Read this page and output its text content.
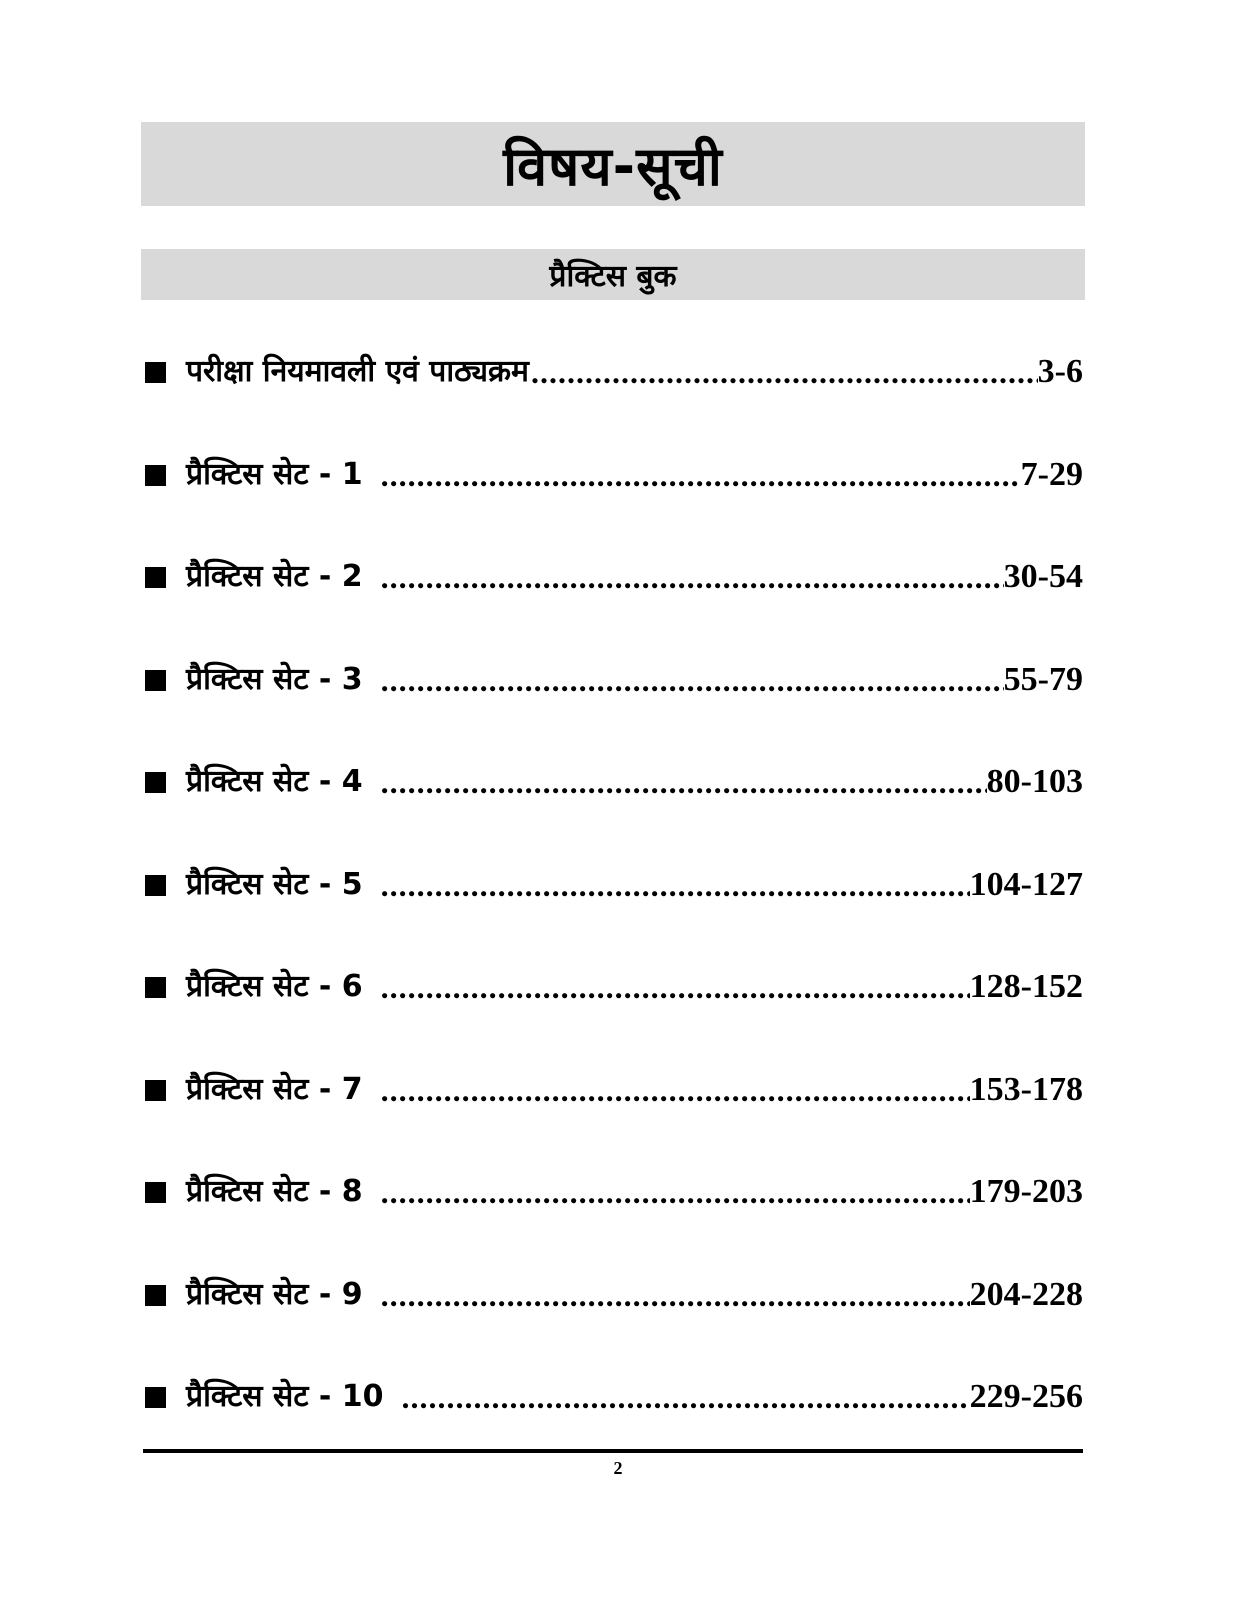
विषय-सूची
प्रैक्टिस बुक
परीक्षा नियमावली एवं पाठ्यक्रम .....	3-6
प्रैक्टिस सेट - 1 .....	7-29
प्रैक्टिस सेट - 2 .....	30-54
प्रैक्टिस सेट - 3 .....	55-79
प्रैक्टिस सेट - 4 .....	80-103
प्रैक्टिस सेट - 5 .....	104-127
प्रैक्टिस सेट - 6 .....	128-152
प्रैक्टिस सेट - 7 .....	153-178
प्रैक्टिस सेट - 8 .....	179-203
प्रैक्टिस सेट - 9 .....	204-228
प्रैक्टिस सेट - 10 .....	229-256
2
